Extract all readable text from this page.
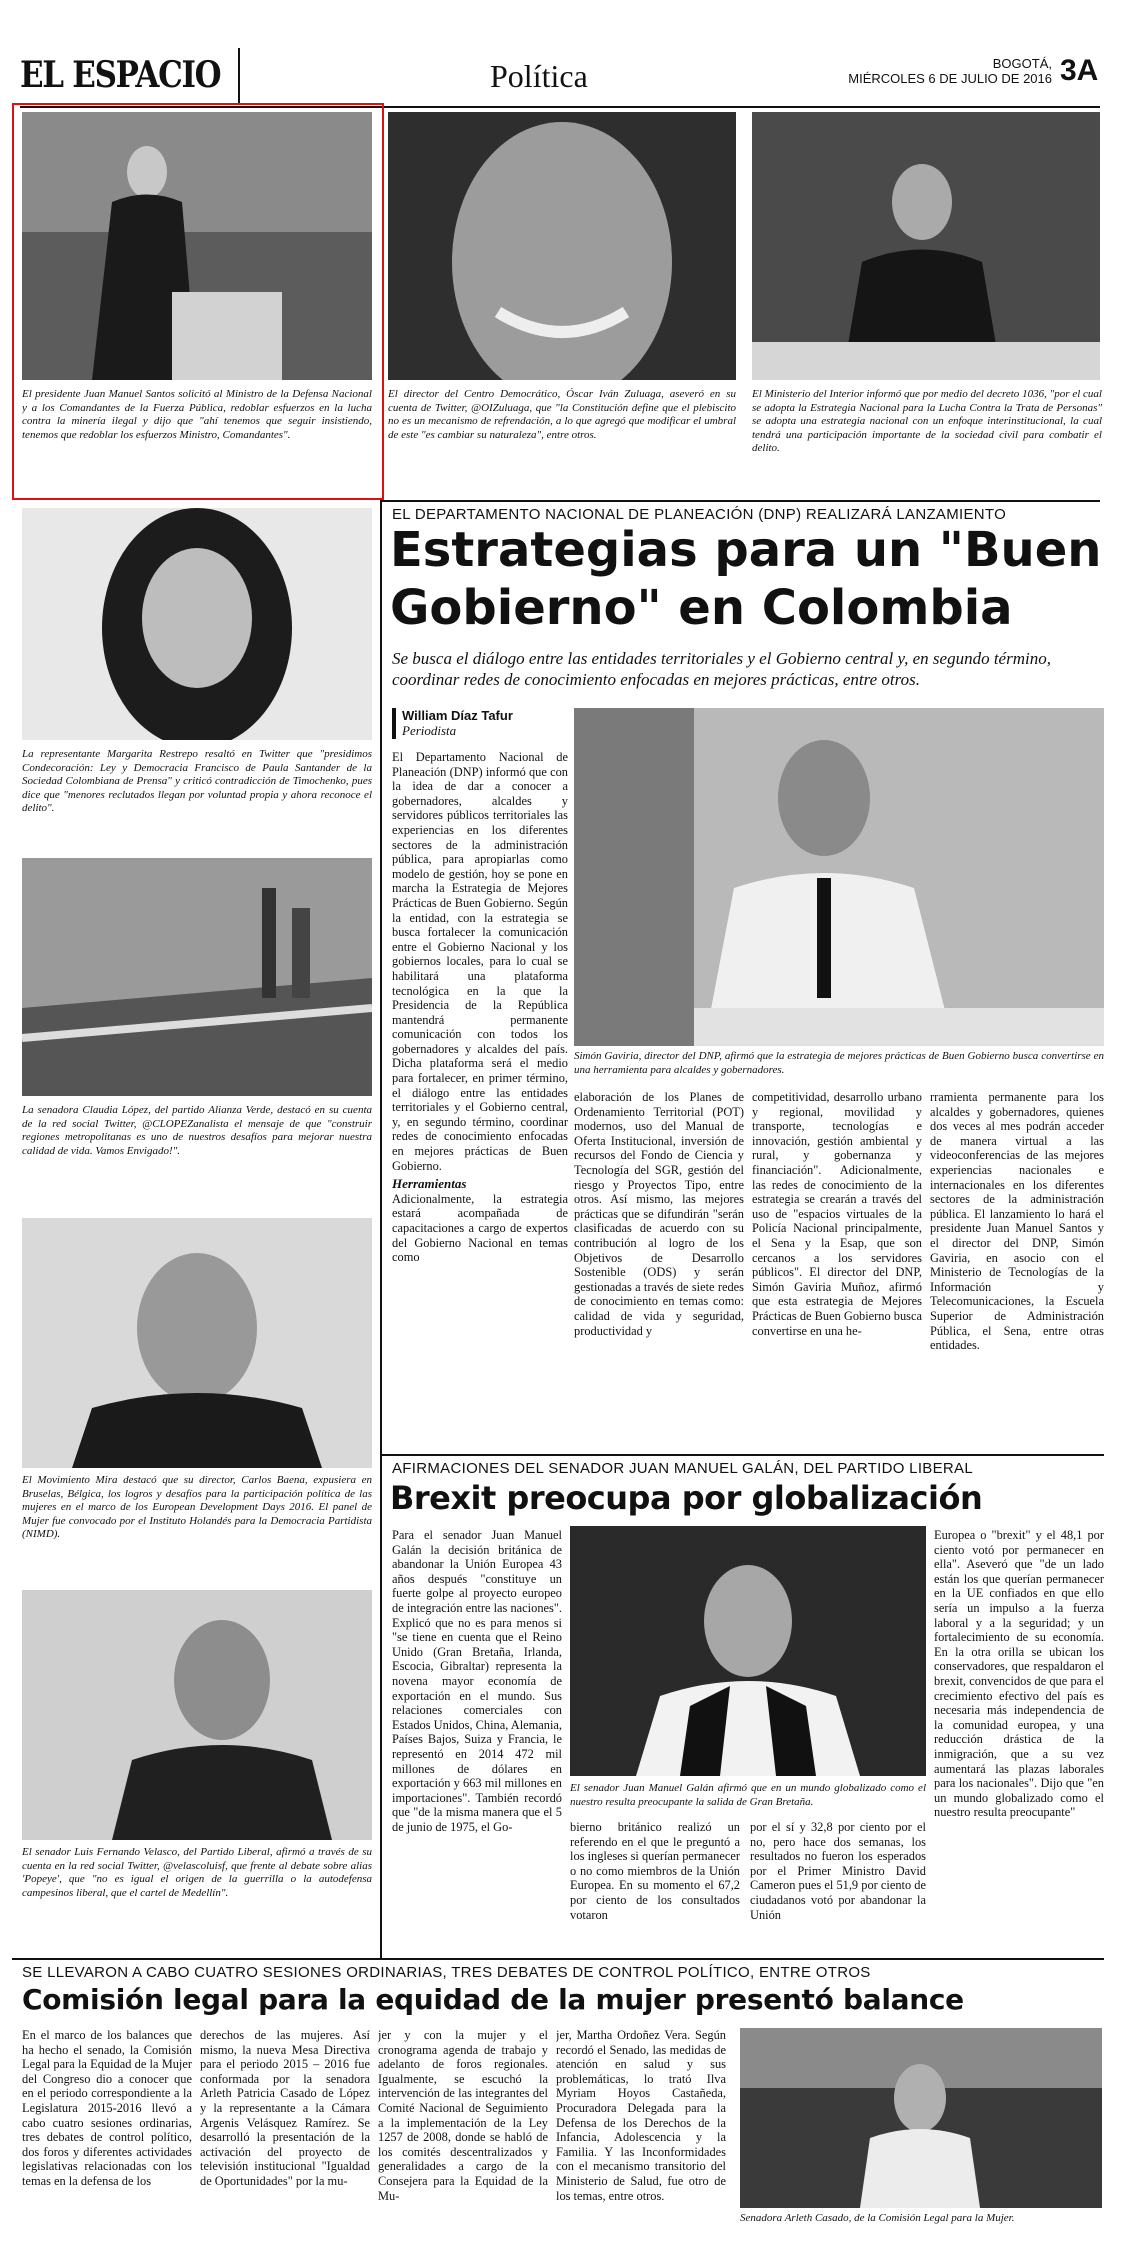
EL ESPACIO	Política	BOGOTÁ,
MIÉRCOLES 6 DE JULIO DE 2016 3A
El presidente Juan Manuel Santos solicitó al Ministro de la Defensa Nacional y a los Comandantes de la Fuerza Pública, redoblar esfuerzos en la lucha contra la minería ilegal y dijo que "ahí tenemos que seguir insistiendo, tenemos que redoblar los esfuerzos Ministro, Comandantes".
El director del Centro Democrático, Óscar Iván Zuluaga, aseveró en su cuenta de Twitter, @OIZuluaga, que "la Constitución define que el plebiscito no es un mecanismo de refrendación, a lo que agregó que modificar el umbral de este "es cambiar su naturaleza", entre otros.
El Ministerio del Interior informó que por medio del decreto 1036, "por el cual se adopta la Estrategia Nacional para la Lucha Contra la Trata de Personas" se adopta una estrategia nacional con un enfoque interinstitucional, la cual tendrá una participación importante de la sociedad civil para combatir el delito.
La representante Margarita Restrepo resaltó en Twitter que "presidimos Condecoración: Ley y Democracia Francisco de Paula Santander de la Sociedad Colombiana de Prensa" y criticó contradicción de Timochenko, pues dice que "menores reclutados llegan por voluntad propia y ahora reconoce el delito".
La senadora Claudia López, del partido Alianza Verde, destacó en su cuenta de la red social Twitter, @CLOPEZanalista el mensaje de que "construir regiones metropolitanas es uno de nuestros desafíos para mejorar nuestra calidad de vida. Vamos Envigado!".
El Movimiento Mira destacó que su director, Carlos Baena, expusiera en Bruselas, Bélgica, los logros y desafíos para la participación política de las mujeres en el marco de los European Development Days 2016. El panel de Mujer fue convocado por el Instituto Holandés para la Democracia Partidista (NIMD).
El senador Luis Fernando Velasco, del Partido Liberal, afirmó a través de su cuenta en la red social Twitter, @velascoluisf, que frente al debate sobre alias 'Popeye', que "no es igual el origen de la guerrilla o la autodefensa campesinos liberal, que el cartel de Medellín".
EL DEPARTAMENTO NACIONAL DE PLANEACIÓN (DNP) REALIZARÁ LANZAMIENTO
Estrategias para un "Buen
Gobierno" en Colombia
Se busca el diálogo entre las entidades territoriales y el Gobierno central y, en segundo término, coordinar redes de conocimiento enfocadas en mejores prácticas, entre otros.
William Díaz Tafur
Periodista

El Departamento Nacional de Planeación (DNP) informó que con la idea de dar a conocer a gobernadores, alcaldes y servidores públicos territoriales las experiencias en los diferentes sectores de la administración pública, para apropiarlas como modelo de gestión, hoy se pone en marcha la Estrategia de Mejores Prácticas de Buen Gobierno. Según la entidad, con la estrategia se busca fortalecer la comunicación entre el Gobierno Nacional y los gobiernos locales, para lo cual se habilitará una plataforma tecnológica en la que la Presidencia de la República mantendrá permanente comunicación con todos los gobernadores y alcaldes del país. Dicha plataforma será el medio para fortalecer, en primer término, el diálogo entre las entidades territoriales y el Gobierno central, y, en segundo término, coordinar redes de conocimiento enfocadas en mejores prácticas de Buen Gobierno.

Herramientas

Adicionalmente, la estrategia estará acompañada de capacitaciones a cargo de expertos del Gobierno Nacional en temas como

Simón Gaviria, director del DNP, afirmó que la estrategia de mejores prácticas de Buen Gobierno busca convertirse en una herramienta para alcaldes y gobernadores.
elaboración de los Planes de Ordenamiento Territorial (POT) modernos, uso del Manual de Oferta Institucional, inversión de recursos del Fondo de Ciencia y Tecnología del SGR, gestión del riesgo y Proyectos Tipo, entre otros. Así mismo, las mejores prácticas que se difundirán "serán clasificadas de acuerdo con su contribución al logro de los Objetivos de Desarrollo Sostenible (ODS) y serán gestionadas a través de siete redes de conocimiento en temas como: calidad de vida y seguridad, productividad y
competitividad, desarrollo urbano y regional, movilidad y transporte, tecnologías e innovación, gestión ambiental y rural, y gobernanza y financiación". Adicionalmente, las redes de conocimiento de la estrategia se crearán a través del uso de "espacios virtuales de la Policía Nacional principalmente, el Sena y la Esap, que son cercanos a los servidores públicos". El director del DNP, Simón Gaviria Muñoz, afirmó que esta estrategia de Mejores Prácticas de Buen Gobierno busca convertirse en una he-
rramienta permanente para los alcaldes y gobernadores, quienes dos veces al mes podrán acceder de manera virtual a las videoconferencias de las mejores experiencias nacionales e internacionales en los diferentes sectores de la administración pública. El lanzamiento lo hará el presidente Juan Manuel Santos y el director del DNP, Simón Gaviria, en asocio con el Ministerio de Tecnologías de la Información y Telecomunicaciones, la Escuela Superior de Administración Pública, el Sena, entre otras entidades.
AFIRMACIONES DEL SENADOR JUAN MANUEL GALÁN, DEL PARTIDO LIBERAL
Brexit preocupa por globalización
Para el senador Juan Manuel Galán la decisión británica de abandonar la Unión Europea 43 años después "constituye un fuerte golpe al proyecto europeo de integración entre las naciones". Explicó que no es para menos si "se tiene en cuenta que el Reino Unido (Gran Bretaña, Irlanda, Escocia, Gibraltar) representa la novena mayor economía de exportación en el mundo. Sus relaciones comerciales con Estados Unidos, China, Alemania, Países Bajos, Suiza y Francia, le representó en 2014 472 mil millones de dólares en exportación y 663 mil millones en importaciones". También recordó que "de la misma manera que el 5 de junio de 1975, el Go-
El senador Juan Manuel Galán afirmó que en un mundo globalizado como el nuestro resulta preocupante la salida de Gran Bretaña.
bierno británico realizó un referendo en el que le preguntó a los ingleses si querían permanecer o no como miembros de la Unión Europea. En su momento el 67,2 por ciento de los consultados votaron
por el sí y 32,8 por ciento por el no, pero hace dos semanas, los resultados no fueron los esperados por el Primer Ministro David Cameron pues el 51,9 por ciento de ciudadanos votó por abandonar la Unión
Europea o "brexit" y el 48,1 por ciento votó por permanecer en ella". Aseveró que "de un lado están los que querían permanecer en la UE confiados en que ello sería un impulso a la fuerza laboral y a la seguridad; y un fortalecimiento de su economía. En la otra orilla se ubican los conservadores, que respaldaron el brexit, convencidos de que para el crecimiento efectivo del país es necesaria más independencia de la comunidad europea, y una reducción drástica de la inmigración, que a su vez aumentará las plazas laborales para los nacionales". Dijo que "en un mundo globalizado como el nuestro resulta preocupante"
SE LLEVARON A CABO CUATRO SESIONES ORDINARIAS, TRES DEBATES DE CONTROL POLÍTICO, ENTRE OTROS
Comisión legal para la equidad de la mujer presentó balance
En el marco de los balances que ha hecho el senado, la Comisión Legal para la Equidad de la Mujer del Congreso dio a conocer que en el periodo correspondiente a la Legislatura 2015-2016 llevó a cabo cuatro sesiones ordinarias, tres debates de control político, dos foros y diferentes actividades legislativas relacionadas con los temas en la defensa de los
derechos de las mujeres. Así mismo, la nueva Mesa Directiva para el periodo 2015 – 2016 fue conformada por la senadora Arleth Patricia Casado de López y la representante a la Cámara Argenis Velásquez Ramírez. Se desarrolló la presentación de la activación del proyecto de televisión institucional "Igualdad de Oportunidades" por la mu-
jer y con la mujer y el cronograma agenda de trabajo y adelanto de foros regionales. Igualmente, se escuchó la intervención de las integrantes del Comité Nacional de Seguimiento a la implementación de la Ley 1257 de 2008, donde se habló de los comités descentralizados y generalidades a cargo de la Consejera para la Equidad de la Mu-
jer, Martha Ordoñez Vera. Según recordó el Senado, las medidas de atención en salud y sus problemáticas, lo trató Ilva Myriam Hoyos Castañeda, Procuradora Delegada para la Defensa de los Derechos de la Infancia, Adolescencia y la Familia. Y las Inconformidades con el mecanismo transitorio del Ministerio de Salud, fue otro de los temas, entre otros.
Senadora Arleth Casado, de la Comisión Legal para la Mujer.
